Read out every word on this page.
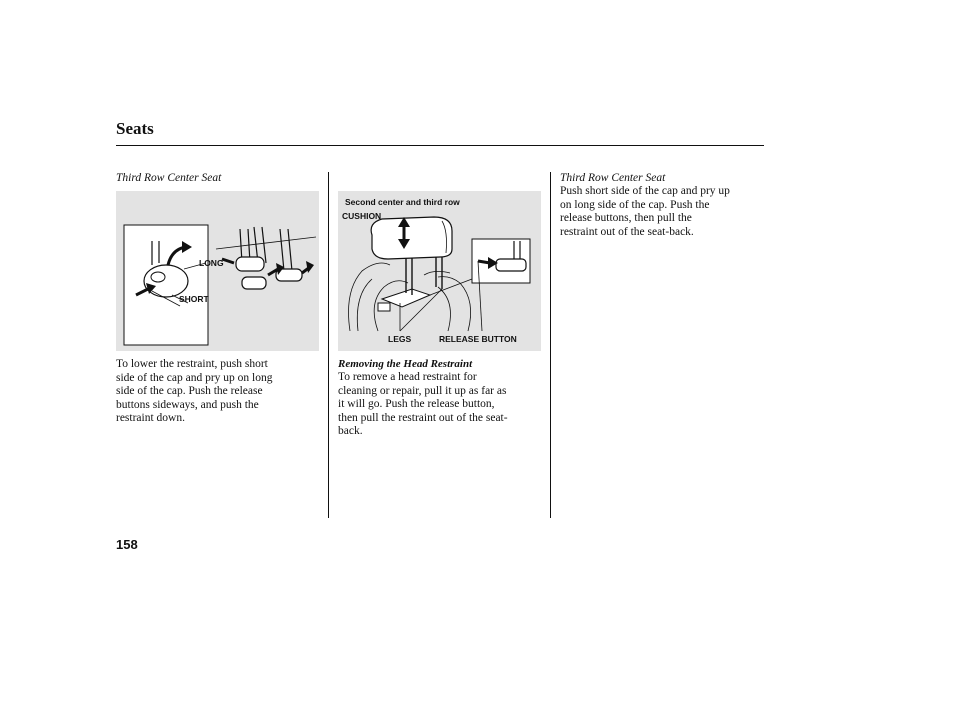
Seats
Third Row Center Seat
LONG
SHORT
To lower the restraint, push short
side of the cap and pry up on long
side of the cap. Push the release
buttons sideways, and push the
restraint down.
Second center and third row
CUSHION
LEGS	RELEASE BUTTON
Removing the Head Restraint
To remove a head restraint for
cleaning or repair, pull it up as far as
it will go. Push the release button,
then pull the restraint out of the seat-
back.
Third Row Center Seat
Push short side of the cap and pry up
on long side of the cap. Push the
release buttons, then pull the
restraint out of the seat-back.
158
